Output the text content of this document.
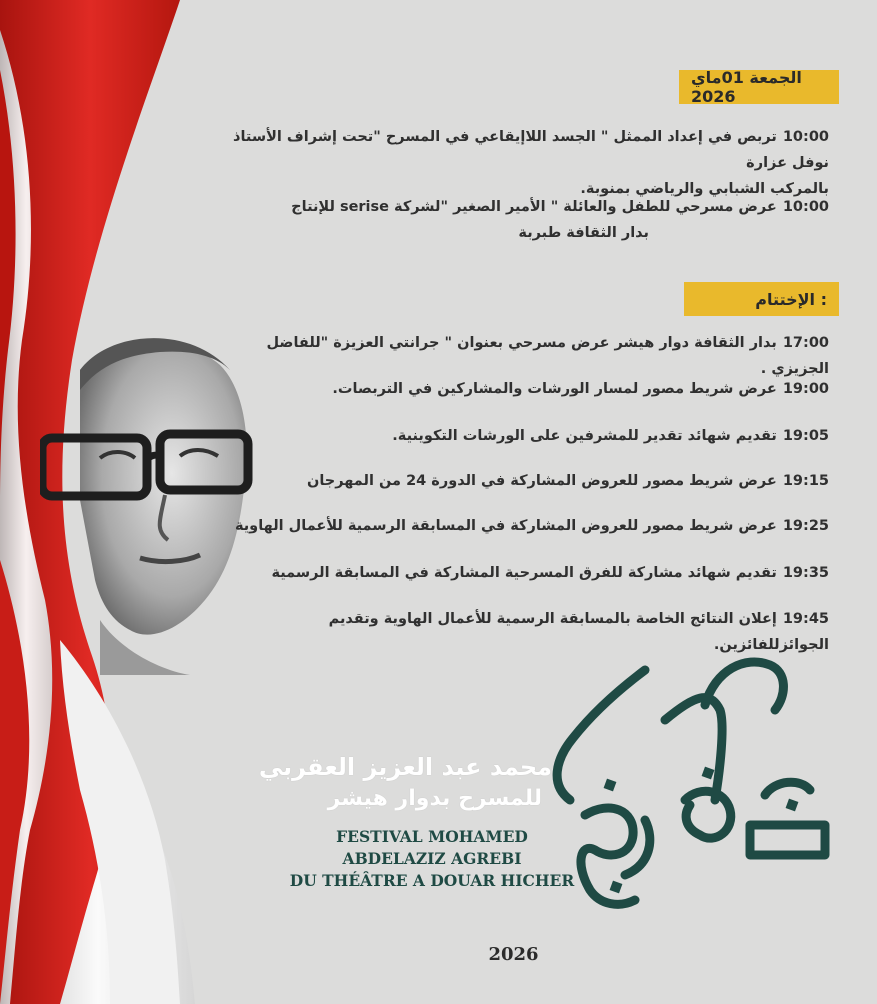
الجمعة 01ماي 2026
10:00تربص في إعداد الممثل " الجسد اللاإيقاعي في المسرح "تحت إشراف الأستاذ نوفل عزارة
بالمركب الشبابي والرياضي بمنوبة.
10:00عرض مسرحي للطفل والعائلة " الأمير الصغير "لشركة serise للإنتاج
بدار الثقافة طبربة
الإختتام :
17:00بدار الثقافة دوار هيشر عرض مسرحي بعنوان " جرانتي العزيزة "للفاضل الجزيزي .
19:00عرض شريط مصور لمسار الورشات والمشاركين في التربصات.
19:05تقديم شهائد تقدير للمشرفين على الورشات التكوينية.
19:15عرض شريط مصور للعروض المشاركة في الدورة 24 من المهرجان
19:25عرض شريط مصور للعروض المشاركة في المسابقة الرسمية للأعمال الهاوية
19:35تقديم شهائد مشاركة للفرق المسرحية المشاركة في المسابقة الرسمية
19:45إعلان النتائج الخاصة بالمسابقة الرسمية للأعمال الهاوية وتقديم الجوائزللفائزين.
محمد عبد العزيز العقربي
للمسرح بدوار هيشر
FESTIVAL MOHAMED ABDELAZIZ AGREBI
DU THÉÂTRE A DOUAR HICHER
2026
